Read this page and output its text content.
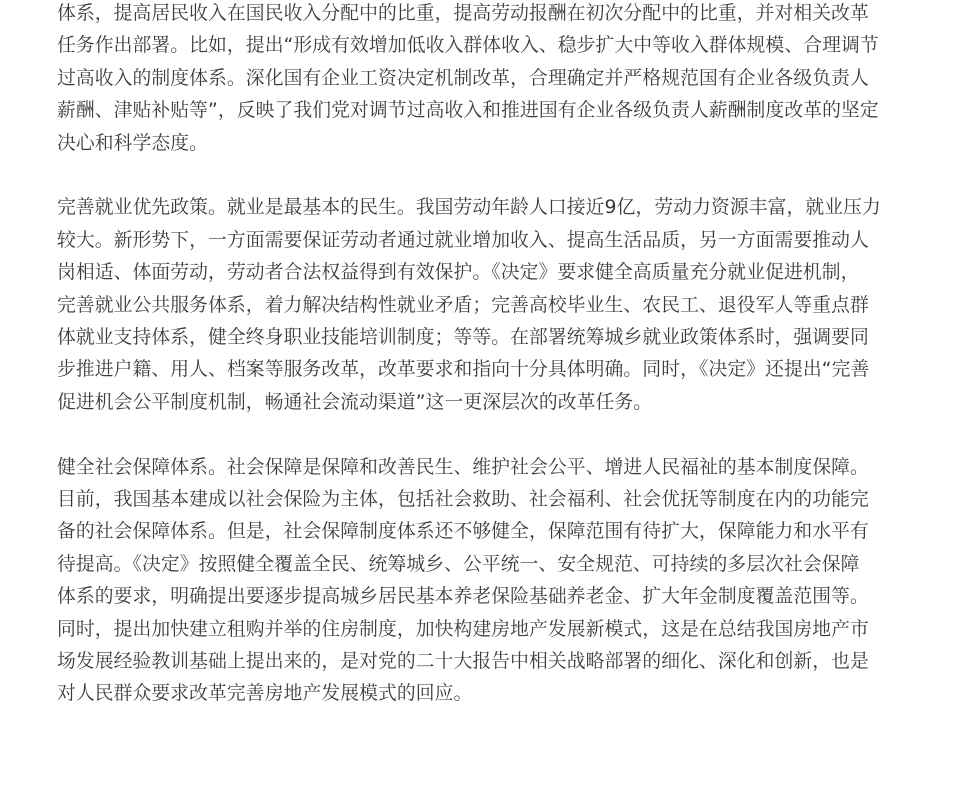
体系，提高居民收入在国民收入分配中的比重，提高劳动报酬在初次分配中的比重，并对相关改革
任务作出部署。比如，提出“形成有效增加低收入群体收入、稳步扩大中等收入群体规模、合理调节
过高收入的制度体系。深化国有企业工资决定机制改革，合理确定并严格规范国有企业各级负责人
薪酬、津贴补贴等”，反映了我们党对调节过高收入和推进国有企业各级负责人薪酬制度改革的坚定
决心和科学态度。

完善就业优先政策。就业是最基本的民生。我国劳动年龄人口接近9亿，劳动力资源丰富，就业压力
较大。新形势下，一方面需要保证劳动者通过就业增加收入、提高生活品质，另一方面需要推动人
岗相适、体面劳动，劳动者合法权益得到有效保护。《决定》要求健全高质量充分就业促进机制，
完善就业公共服务体系，着力解决结构性就业矛盾；完善高校毕业生、农民工、退役军人等重点群
体就业支持体系，健全终身职业技能培训制度；等等。在部署统筹城乡就业政策体系时，强调要同
步推进户籍、用人、档案等服务改革，改革要求和指向十分具体明确。同时，《决定》还提出“完善
促进机会公平制度机制，畅通社会流动渠道”这一更深层次的改革任务。

健全社会保障体系。社会保障是保障和改善民生、维护社会公平、增进人民福祉的基本制度保障。
目前，我国基本建成以社会保险为主体，包括社会救助、社会福利、社会优抚等制度在内的功能完
备的社会保障体系。但是，社会保障制度体系还不够健全，保障范围有待扩大，保障能力和水平有
待提高。《决定》按照健全覆盖全民、统筹城乡、公平统一、安全规范、可持续的多层次社会保障
体系的要求，明确提出要逐步提高城乡居民基本养老保险基础养老金、扩大年金制度覆盖范围等。
同时，提出加快建立租购并举的住房制度，加快构建房地产发展新模式，这是在总结我国房地产市
场发展经验教训基础上提出来的，是对党的二十大报告中相关战略部署的细化、深化和创新，也是
对人民群众要求改革完善房地产发展模式的回应。
